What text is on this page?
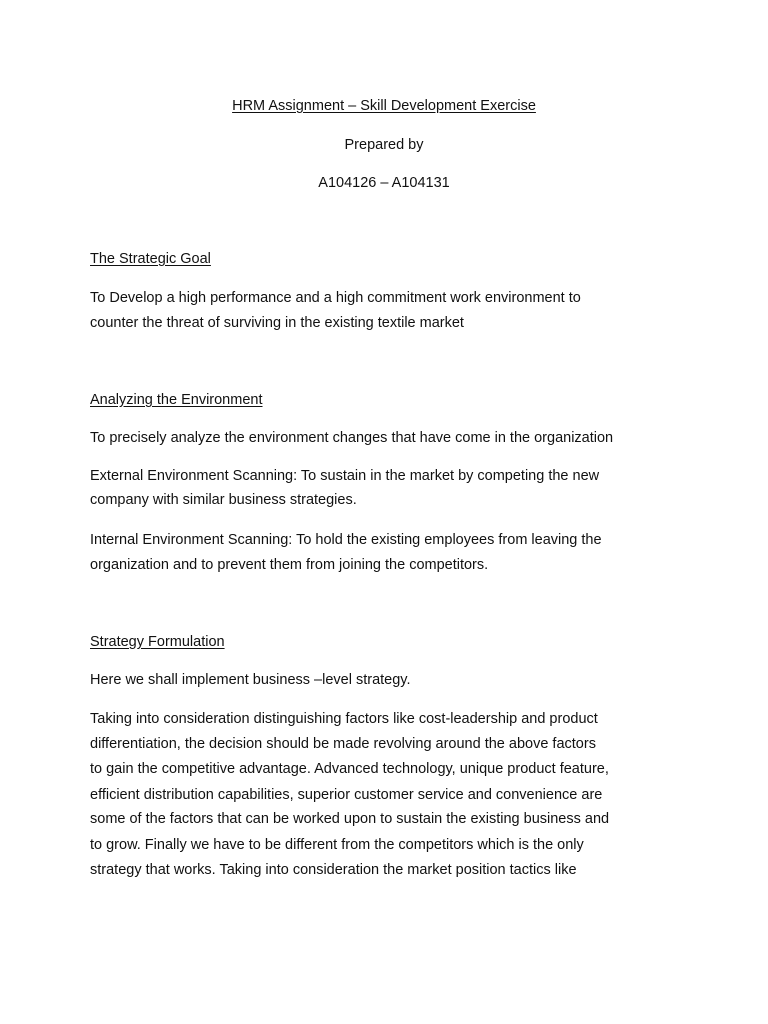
HRM Assignment – Skill Development Exercise
Prepared by
A104126 – A104131
The Strategic Goal
To Develop a high performance and a high commitment work environment to
counter the threat of surviving in the existing textile market
Analyzing the Environment
To precisely analyze the environment changes that have come in the organization
External Environment Scanning: To sustain in the market by competing the new
company with similar business strategies.
Internal Environment Scanning: To hold the existing employees from leaving the
organization and to prevent them from joining the competitors.
Strategy Formulation
Here we shall implement business –level strategy.
Taking into consideration distinguishing factors like cost-leadership and product
differentiation, the decision should be made revolving around the above factors
to gain the competitive advantage. Advanced technology, unique product feature,
efficient distribution capabilities, superior customer service and convenience are
some of the factors that can be worked upon to sustain the existing business and
to grow. Finally we have to be different from the competitors which is the only
strategy that works. Taking into consideration the market position tactics like
